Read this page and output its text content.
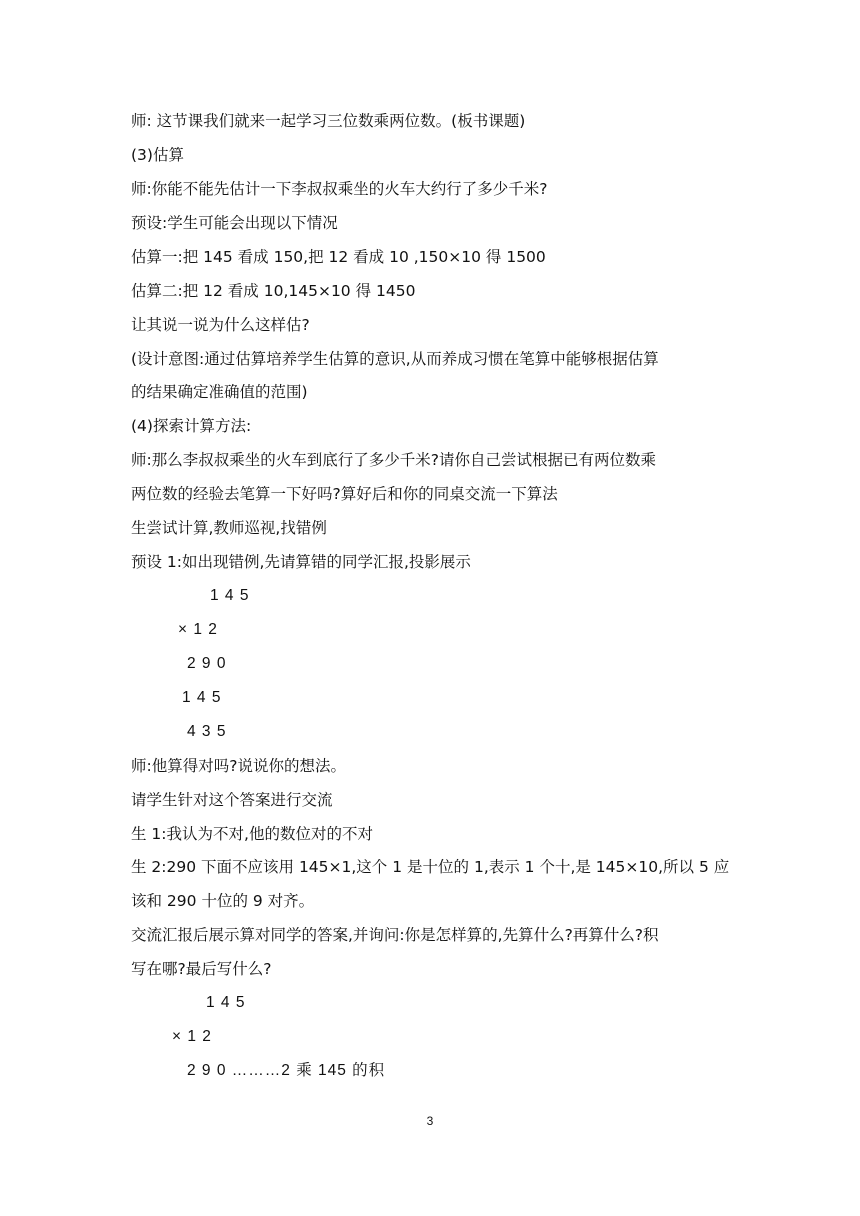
师: 这节课我们就来一起学习三位数乘两位数。(板书课题)
(3)估算
师:你能不能先估计一下李叔叔乘坐的火车大约行了多少千米?
预设:学生可能会出现以下情况
估算一:把 145 看成 150,把 12 看成 10 ,150×10 得 1500
估算二:把 12 看成 10,145×10 得 1450
让其说一说为什么这样估?
(设计意图:通过估算培养学生估算的意识,从而养成习惯在笔算中能够根据估算
的结果确定准确值的范围)
(4)探索计算方法:
师:那么李叔叔乘坐的火车到底行了多少千米?请你自己尝试根据已有两位数乘
两位数的经验去笔算一下好吗?算好后和你的同桌交流一下算法
生尝试计算,教师巡视,找错例
预设 1:如出现错例,先请算错的同学汇报,投影展示
1 4 5
× 1 2
2 9 0
1 4 5
4 3 5
师:他算得对吗?说说你的想法。
请学生针对这个答案进行交流
生 1:我认为不对,他的数位对的不对
生 2:290 下面不应该用 145×1,这个 1 是十位的 1,表示 1 个十,是 145×10,所以 5 应
该和 290 十位的 9 对齐。
交流汇报后展示算对同学的答案,并询问:你是怎样算的,先算什么?再算什么?积
写在哪?最后写什么?
1 4 5
× 1 2
2 9 0 ………2 乘 145 的积
3
